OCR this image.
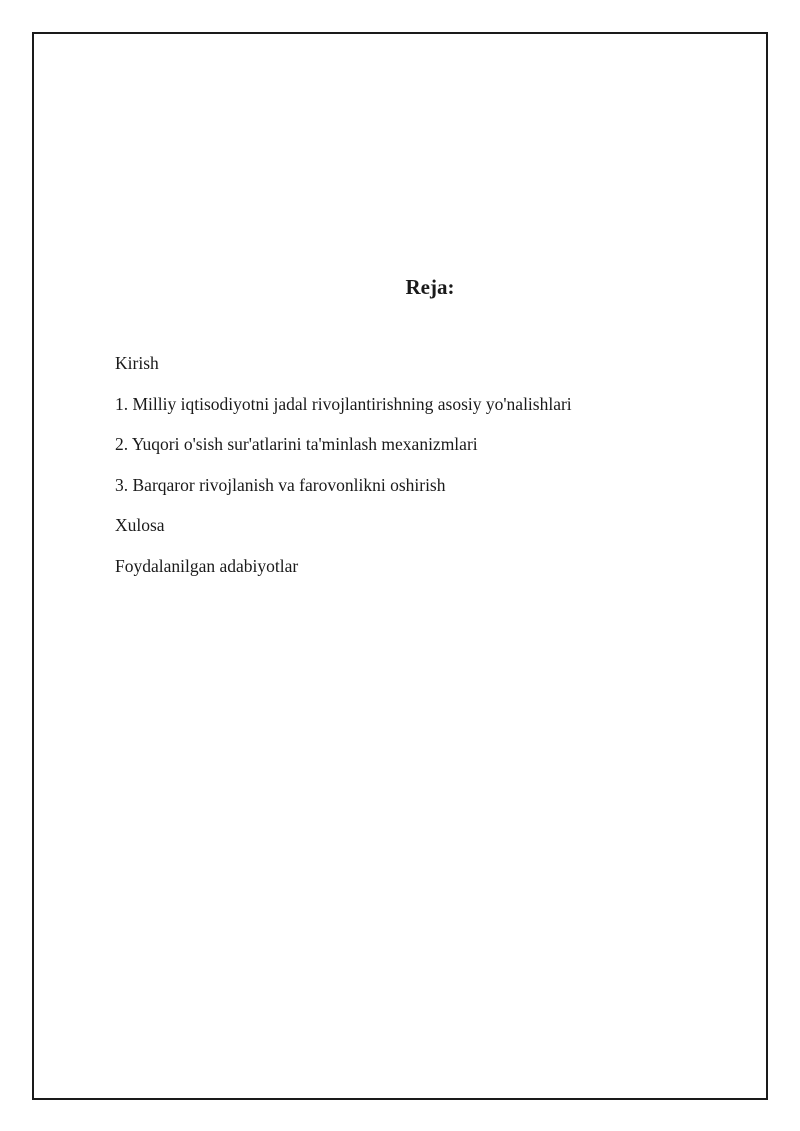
Reja:
Kirish
1. Milliy iqtisodiyotni jadal rivojlantirishning asosiy yo'nalishlari
2. Yuqori o'sish sur'atlarini ta'minlash mexanizmlari
3. Barqaror rivojlanish va farovonlikni oshirish
Xulosa
Foydalanilgan adabiyotlar
